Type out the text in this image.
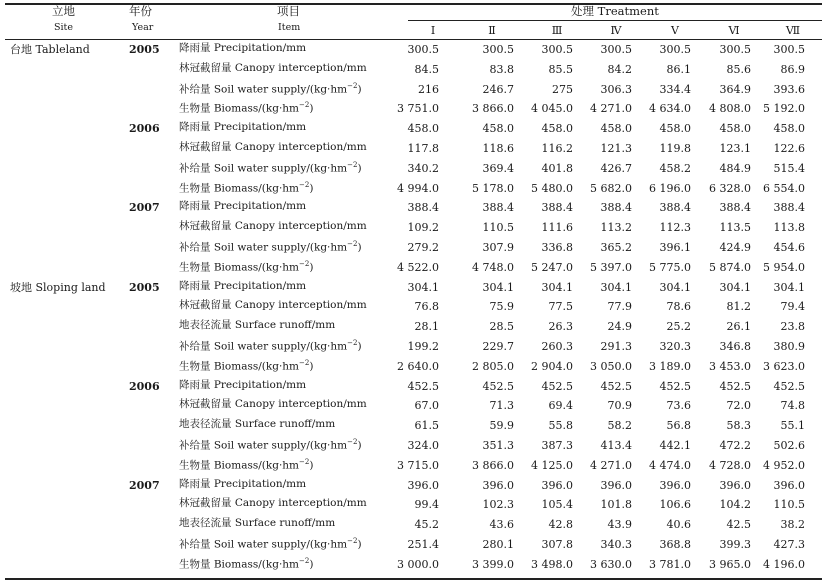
立地
Site
年份
Year
项目
Item
处理 Treatment
Ⅰ	Ⅱ	Ⅲ	Ⅳ	Ⅴ	Ⅵ	Ⅶ
台地 Tableland	2005 降雨量 Precipitation/mm	300.5	300.5	300.5	300.5	300.5	300.5	300.5
林冠截留量 Canopy interception/mm	84.5	83.8	85.5	84.2	86.1	85.6	86.9
补给量 Soil water supply/$(kg\cdot hm^{-2})$	216	246.7	275	306.3	334.4	364.9	393.6
生物量 Biomass/$(kg\cdot hm^{-2})$	3 751.0	3 866.0	4 045.0	4 271.0	4 634.0	4 808.0	5 192.0
2006 降雨量 Precipitation/mm	458.0	458.0	458.0	458.0	458.0	458.0	458.0
林冠截留量 Canopy interception/mm	117.8	118.6	116.2	121.3	119.8	123.1	122.6
补给量 Soil water supply/$(kg\cdot hm^{-2})$	340.2	369.4	401.8	426.7	458.2	484.9	515.4
生物量 Biomass/$(kg\cdot hm^{-2})$	4 994.0	5 178.0	5 480.0	5 682.0	6 196.0	6 328.0	6 554.0
2007 降雨量 Precipitation/mm	388.4	388.4	388.4	388.4	388.4	388.4	388.4
林冠截留量 Canopy interception/mm	109.2	110.5	111.6	113.2	112.3	113.5	113.8
补给量 Soil water supply/$(kg\cdot hm^{-2})$	279.2	307.9	336.8	365.2	396.1	424.9	454.6
生物量 Biomass/$(kg\cdot hm^{-2})$	4 522.0	4 748.0	5 247.0	5 397.0	5 775.0	5 874.0	5 954.0
坡地 Sloping land 2005 降雨量 Precipitation/mm	304.1	304.1	304.1	304.1	304.1	304.1	304.1
林冠截留量 Canopy interception/mm	76.8	75.9	77.5	77.9	78.6	81.2	79.4
地表径流量 Surface runoff/mm	28.1	28.5	26.3	24.9	25.2	26.1	23.8
补给量 Soil water supply/$(kg\cdot hm^{-2})$	199.2	229.7	260.3	291.3	320.3	346.8	380.9
生物量 Biomass/$(kg\cdot hm^{-2})$	2 640.0	2 805.0	2 904.0	3 050.0	3 189.0	3 453.0	3 623.0
2006 降雨量 Precipitation/mm	452.5	452.5	452.5	452.5	452.5	452.5	452.5
林冠截留量 Canopy interception/mm	67.0	71.3	69.4	70.9	73.6	72.0	74.8
地表径流量 Surface runoff/mm	61.5	59.9	55.8	58.2	56.8	58.3	55.1
补给量 Soil water supply/$(kg\cdot hm^{-2})$	324.0	351.3	387.3	413.4	442.1	472.2	502.6
生物量 Biomass/$(kg\cdot hm^{-2})$	3 715.0	3 866.0	4 125.0	4 271.0	4 474.0	4 728.0	4 952.0
2007 降雨量 Precipitation/mm	396.0	396.0	396.0	396.0	396.0	396.0	396.0
林冠截留量 Canopy interception/mm	99.4	102.3	105.4	101.8	106.6	104.2	110.5
地表径流量 Surface runoff/mm	45.2	43.6	42.8	43.9	40.6	42.5	38.2
补给量 Soil water supply/$(kg\cdot hm^{-2})$	251.4	280.1	307.8	340.3	368.8	399.3	427.3
生物量 Biomass/$(kg\cdot hm^{-2})$	3 000.0	3 399.0	3 498.0	3 630.0	3 781.0	3 965.0	4 196.0
